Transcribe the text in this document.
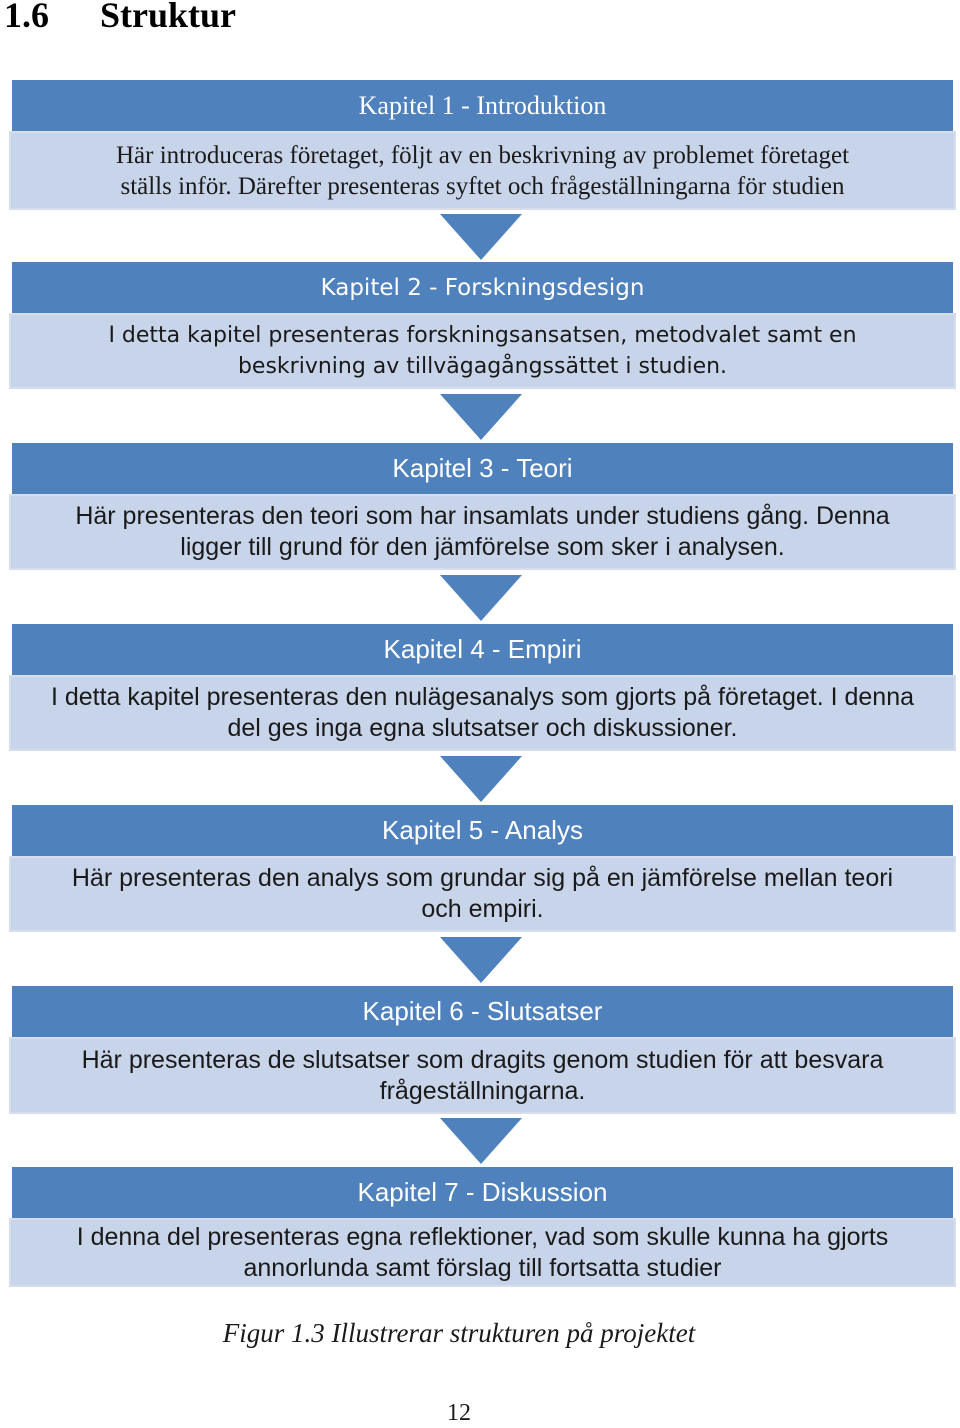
1.6 Struktur
Kapitel 1 - Introduktion
Här introduceras företaget, följt av en beskrivning av problemet företaget
ställs inför. Därefter presenteras syftet och frågeställningarna för studien
Kapitel 2 - Forskningsdesign
I detta kapitel presenteras forskningsansatsen, metodvalet samt en
beskrivning av tillvägagångssättet i studien.
Kapitel 3 - Teori
Här presenteras den teori som har insamlats under studiens gång. Denna
ligger till grund för den jämförelse som sker i analysen.
Kapitel 4 - Empiri
I detta kapitel presenteras den nulägesanalys som gjorts på företaget. I denna
del ges inga egna slutsatser och diskussioner.
Kapitel 5 - Analys
Här presenteras den analys som grundar sig på en jämförelse mellan teori
och empiri.
Kapitel 6 - Slutsatser
Här presenteras de slutsatser som dragits genom studien för att besvara
frågeställningarna.
Kapitel 7 - Diskussion
I denna del presenteras egna reflektioner, vad som skulle kunna ha gjorts
annorlunda samt förslag till fortsatta studier
Figur 1.3 Illustrerar strukturen på projektet
12
